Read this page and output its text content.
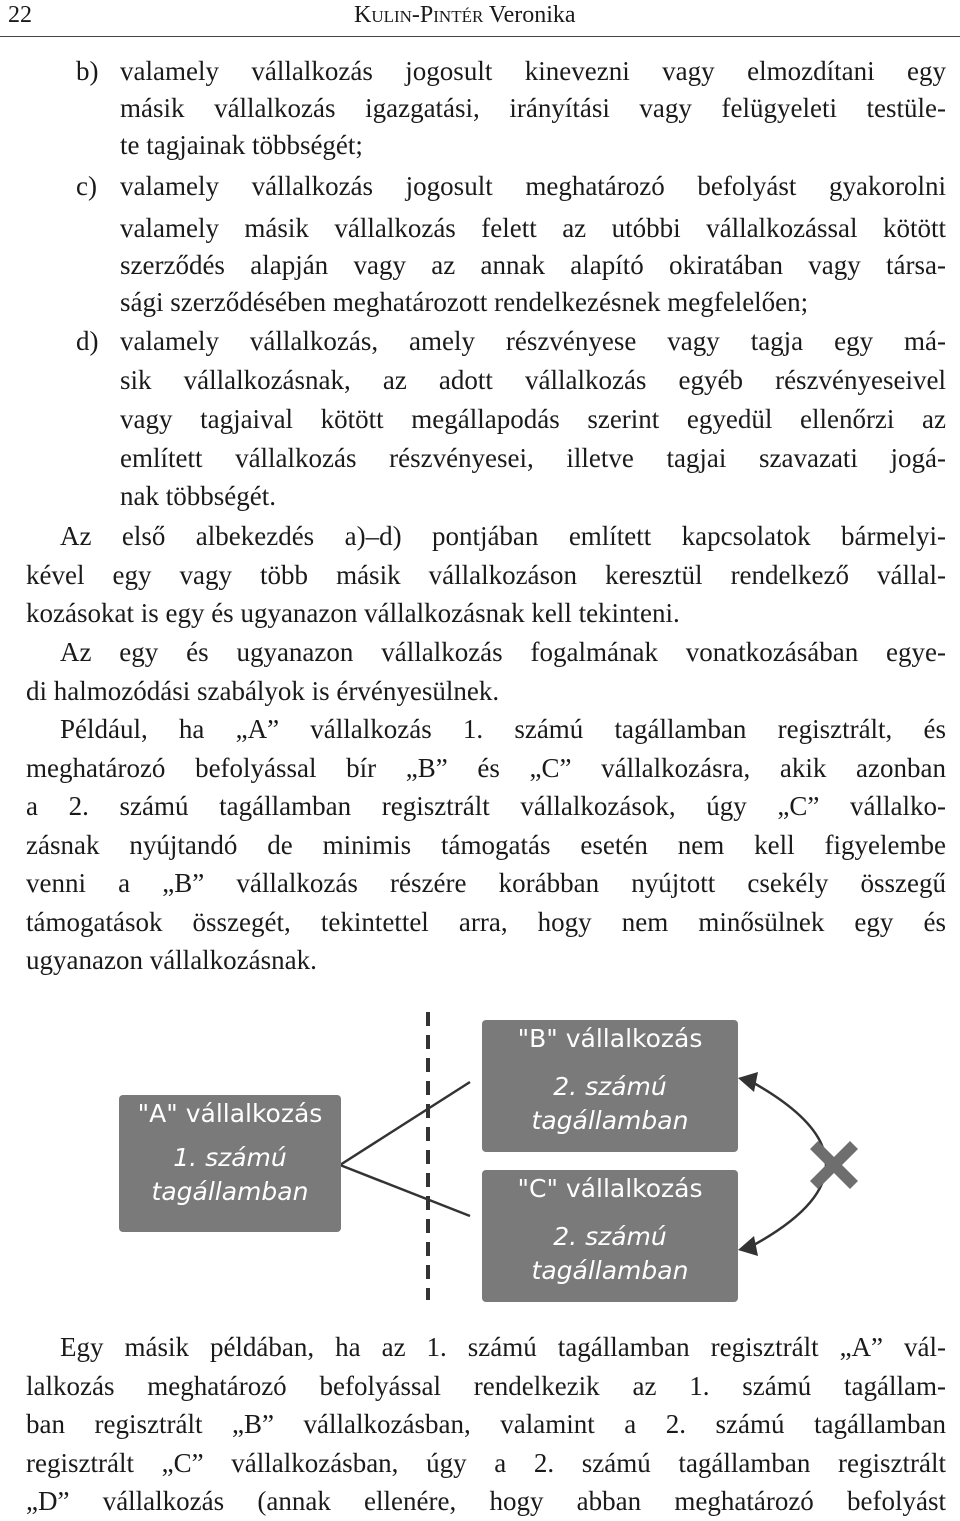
22	Kulin-Pintér Veronika
b) valamely vállalkozás jogosult kinevezni vagy elmozdítani egy
másik vállalkozás igazgatási, irányítási vagy felügyeleti testüle-
te tagjainak többségét;
c) valamely vállalkozás jogosult meghatározó befolyást gyakorolni
valamely másik vállalkozás felett az utóbbi vállalkozással kötött
szerződés alapján vagy az annak alapító okiratában vagy társa-
sági szerződésében meghatározott rendelkezésnek megfelelően;
d) valamely vállalkozás, amely részvényese vagy tagja egy má-
sik vállalkozásnak, az adott vállalkozás egyéb részvényeseivel
vagy tagjaival kötött megállapodás szerint egyedül ellenőrzi az
említett vállalkozás részvényesei, illetve tagjai szavazati jogá-
nak többségét.
Az első albekezdés a)–d) pontjában említett kapcsolatok bármelyi-
kével egy vagy több másik vállalkozáson keresztül rendelkező vállal-
kozásokat is egy és ugyanazon vállalkozásnak kell tekinteni.
Az egy és ugyanazon vállalkozás fogalmának vonatkozásában egye-
di halmozódási szabályok is érvényesülnek.
Például, ha „A” vállalkozás 1. számú tagállamban regisztrált, és
meghatározó befolyással bír „B” és „C” vállalkozásra, akik azonban
a 2. számú tagállamban regisztrált vállalkozások, úgy „C” vállalko-
zásnak nyújtandó de minimis támogatás esetén nem kell figyelembe
venni a „B” vállalkozás részére korábban nyújtott csekély összegű
támogatások összegét, tekintettel arra, hogy nem minősülnek egy és
ugyanazon vállalkozásnak.
"A" vállalkozás
1. számú
tagállamban
"B" vállalkozás
2. számú
tagállamban
"C" vállalkozás
2. számú
tagállamban
Egy másik példában, ha az 1. számú tagállamban regisztrált „A” vál-
lalkozás meghatározó befolyással rendelkezik az 1. számú tagállam-
ban regisztrált „B” vállalkozásban, valamint a 2. számú tagállamban
regisztrált „C” vállalkozásban, úgy a 2. számú tagállamban regisztrált
„D” vállalkozás (annak ellenére, hogy abban meghatározó befolyást
